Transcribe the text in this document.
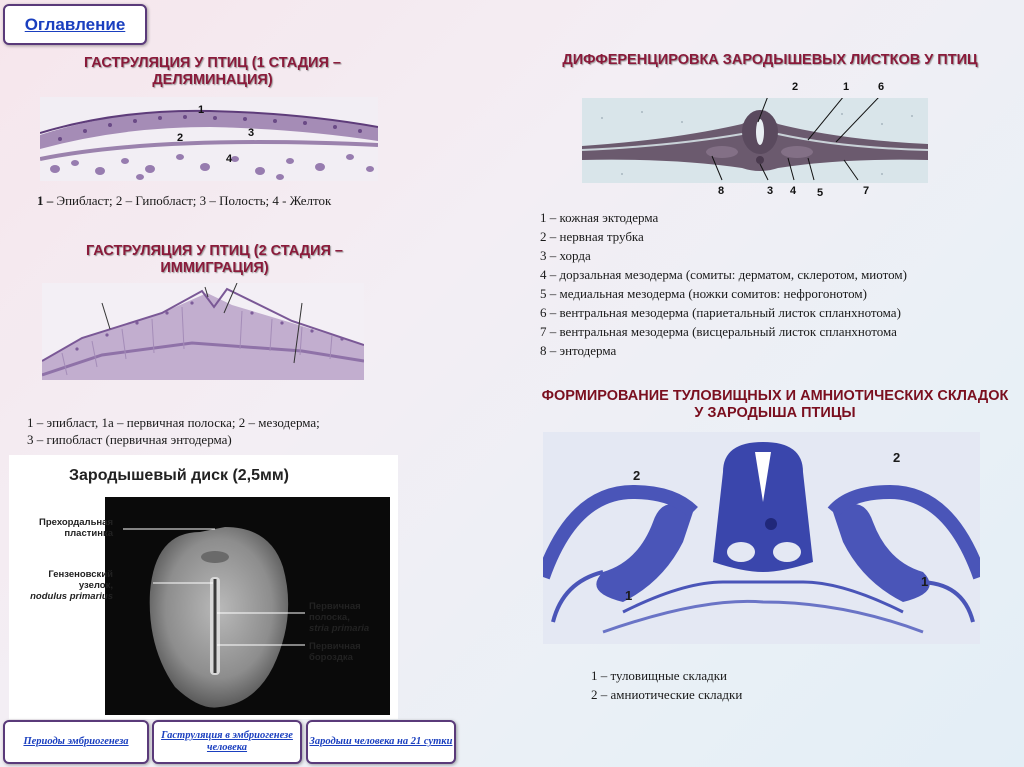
Оглавление
ГАСТРУЛЯЦИЯ У ПТИЦ (1 СТАДИЯ – ДЕЛЯМИНАЦИЯ)
1
2	3
4
1 – Эпибласт; 2 – Гипобласт; 3 – Полость; 4 - Желток
ГАСТРУЛЯЦИЯ У ПТИЦ (2 СТАДИЯ – ИММИГРАЦИЯ)
1 – эпибласт, 1а – первичная полоска; 2 – мезодерма;
3 – гипобласт (первичная энтодерма)
Зародышевый диск (2,5мм)
Прехордальная пластинка
Гензеновский узелок,
nodulus primarius
Первичная полоска,
stria primaria
Первичная бороздка
ДИФФЕРЕНЦИРОВКА ЗАРОДЫШЕВЫХ ЛИСТКОВ У ПТИЦ
2	1	6
8	3 4 5	7
1 – кожная эктодерма
2 – нервная трубка
3 – хорда
4 – дорзальная мезодерма (сомиты: дерматом, склеротом, миотом)
5 – медиальная мезодерма (ножки сомитов: нефрогонотом)
6 – вентральная мезодерма (париетальный листок спланхнотома)
7 – вентральная мезодерма (висцеральный листок спланхнотома
8 – энтодерма
ФОРМИРОВАНИЕ ТУЛОВИЩНЫХ И АМНИОТИЧЕСКИХ СКЛАДОК У ЗАРОДЫША ПТИЦЫ
2
2
1
1
1 – туловищные складки
2 – амниотические складки
Периоды эмбриогенеза
Гаструляция в эмбриогенезе человека
Зародыш человека на 21 сутки
